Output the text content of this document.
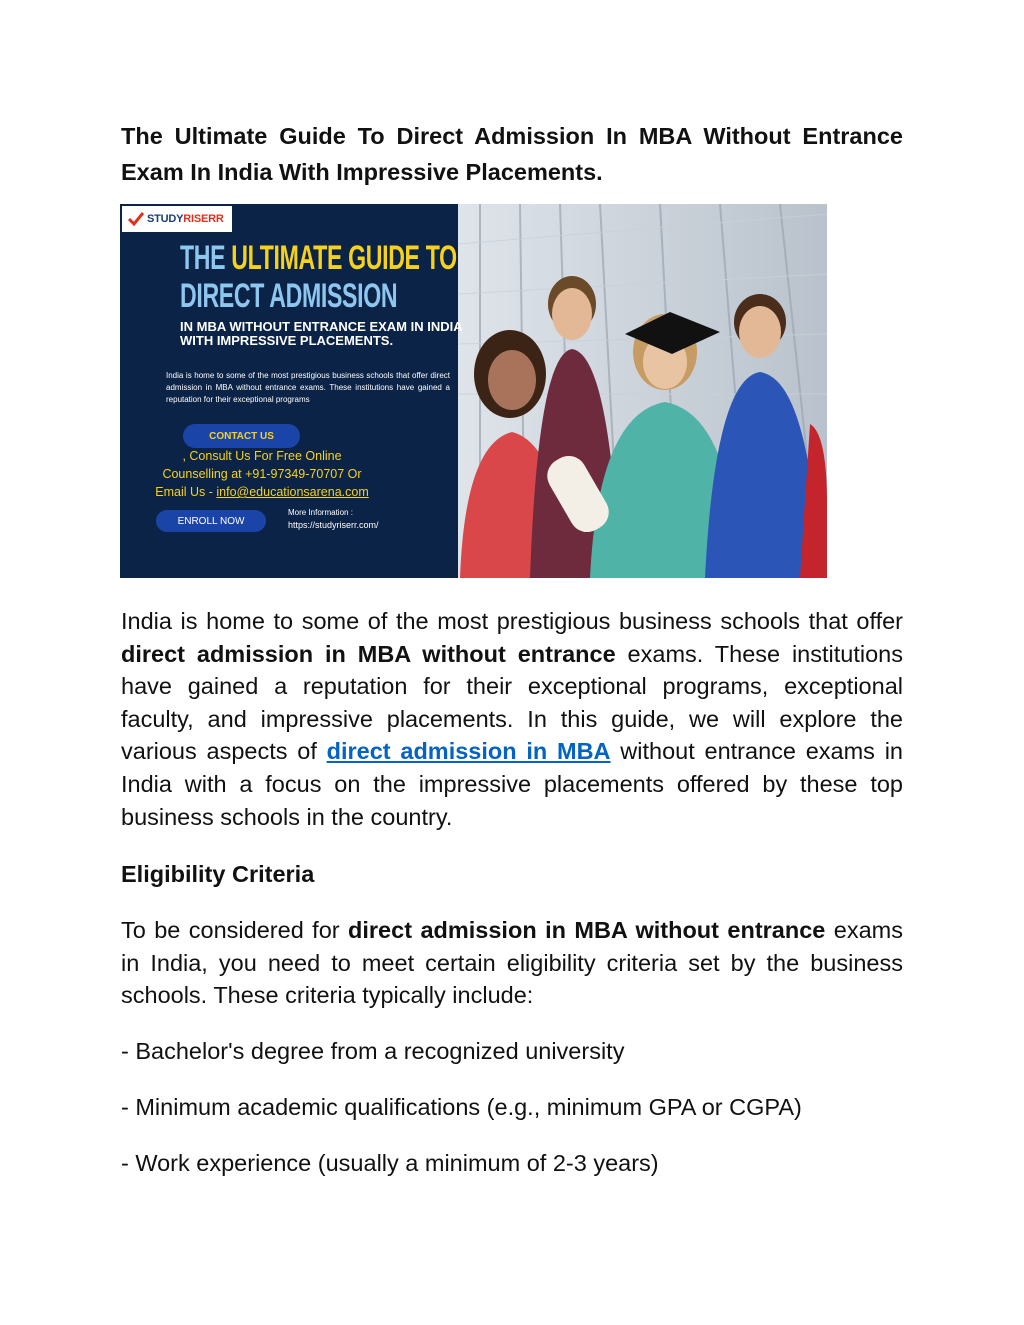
The Ultimate Guide To Direct Admission In MBA Without Entrance Exam In India With Impressive Placements.
STUDYRISERR
THE ULTIMATE GUIDE TO
DIRECT ADMISSION
IN MBA WITHOUT ENTRANCE EXAM IN INDIA WITH IMPRESSIVE PLACEMENTS.
India is home to some of the most prestigious business schools that offer direct admission in MBA without entrance exams. These institutions have gained a reputation for their exceptional programs
CONTACT US
, Consult Us For Free Online
Counselling at +91-97349-70707 Or
Email Us - info@educationsarena.com
ENROLL NOW
More Information :
https://studyriserr.com/

India is home to some of the most prestigious business schools that offer direct admission in MBA without entrance exams. These institutions have gained a reputation for their exceptional programs, exceptional faculty, and impressive placements. In this guide, we will explore the various aspects of direct admission in MBA without entrance exams in India with a focus on the impressive placements offered by these top business schools in the country.

Eligibility Criteria

To be considered for direct admission in MBA without entrance exams in India, you need to meet certain eligibility criteria set by the business schools. These criteria typically include:

- Bachelor's degree from a recognized university

- Minimum academic qualifications (e.g., minimum GPA or CGPA)

- Work experience (usually a minimum of 2-3 years)
